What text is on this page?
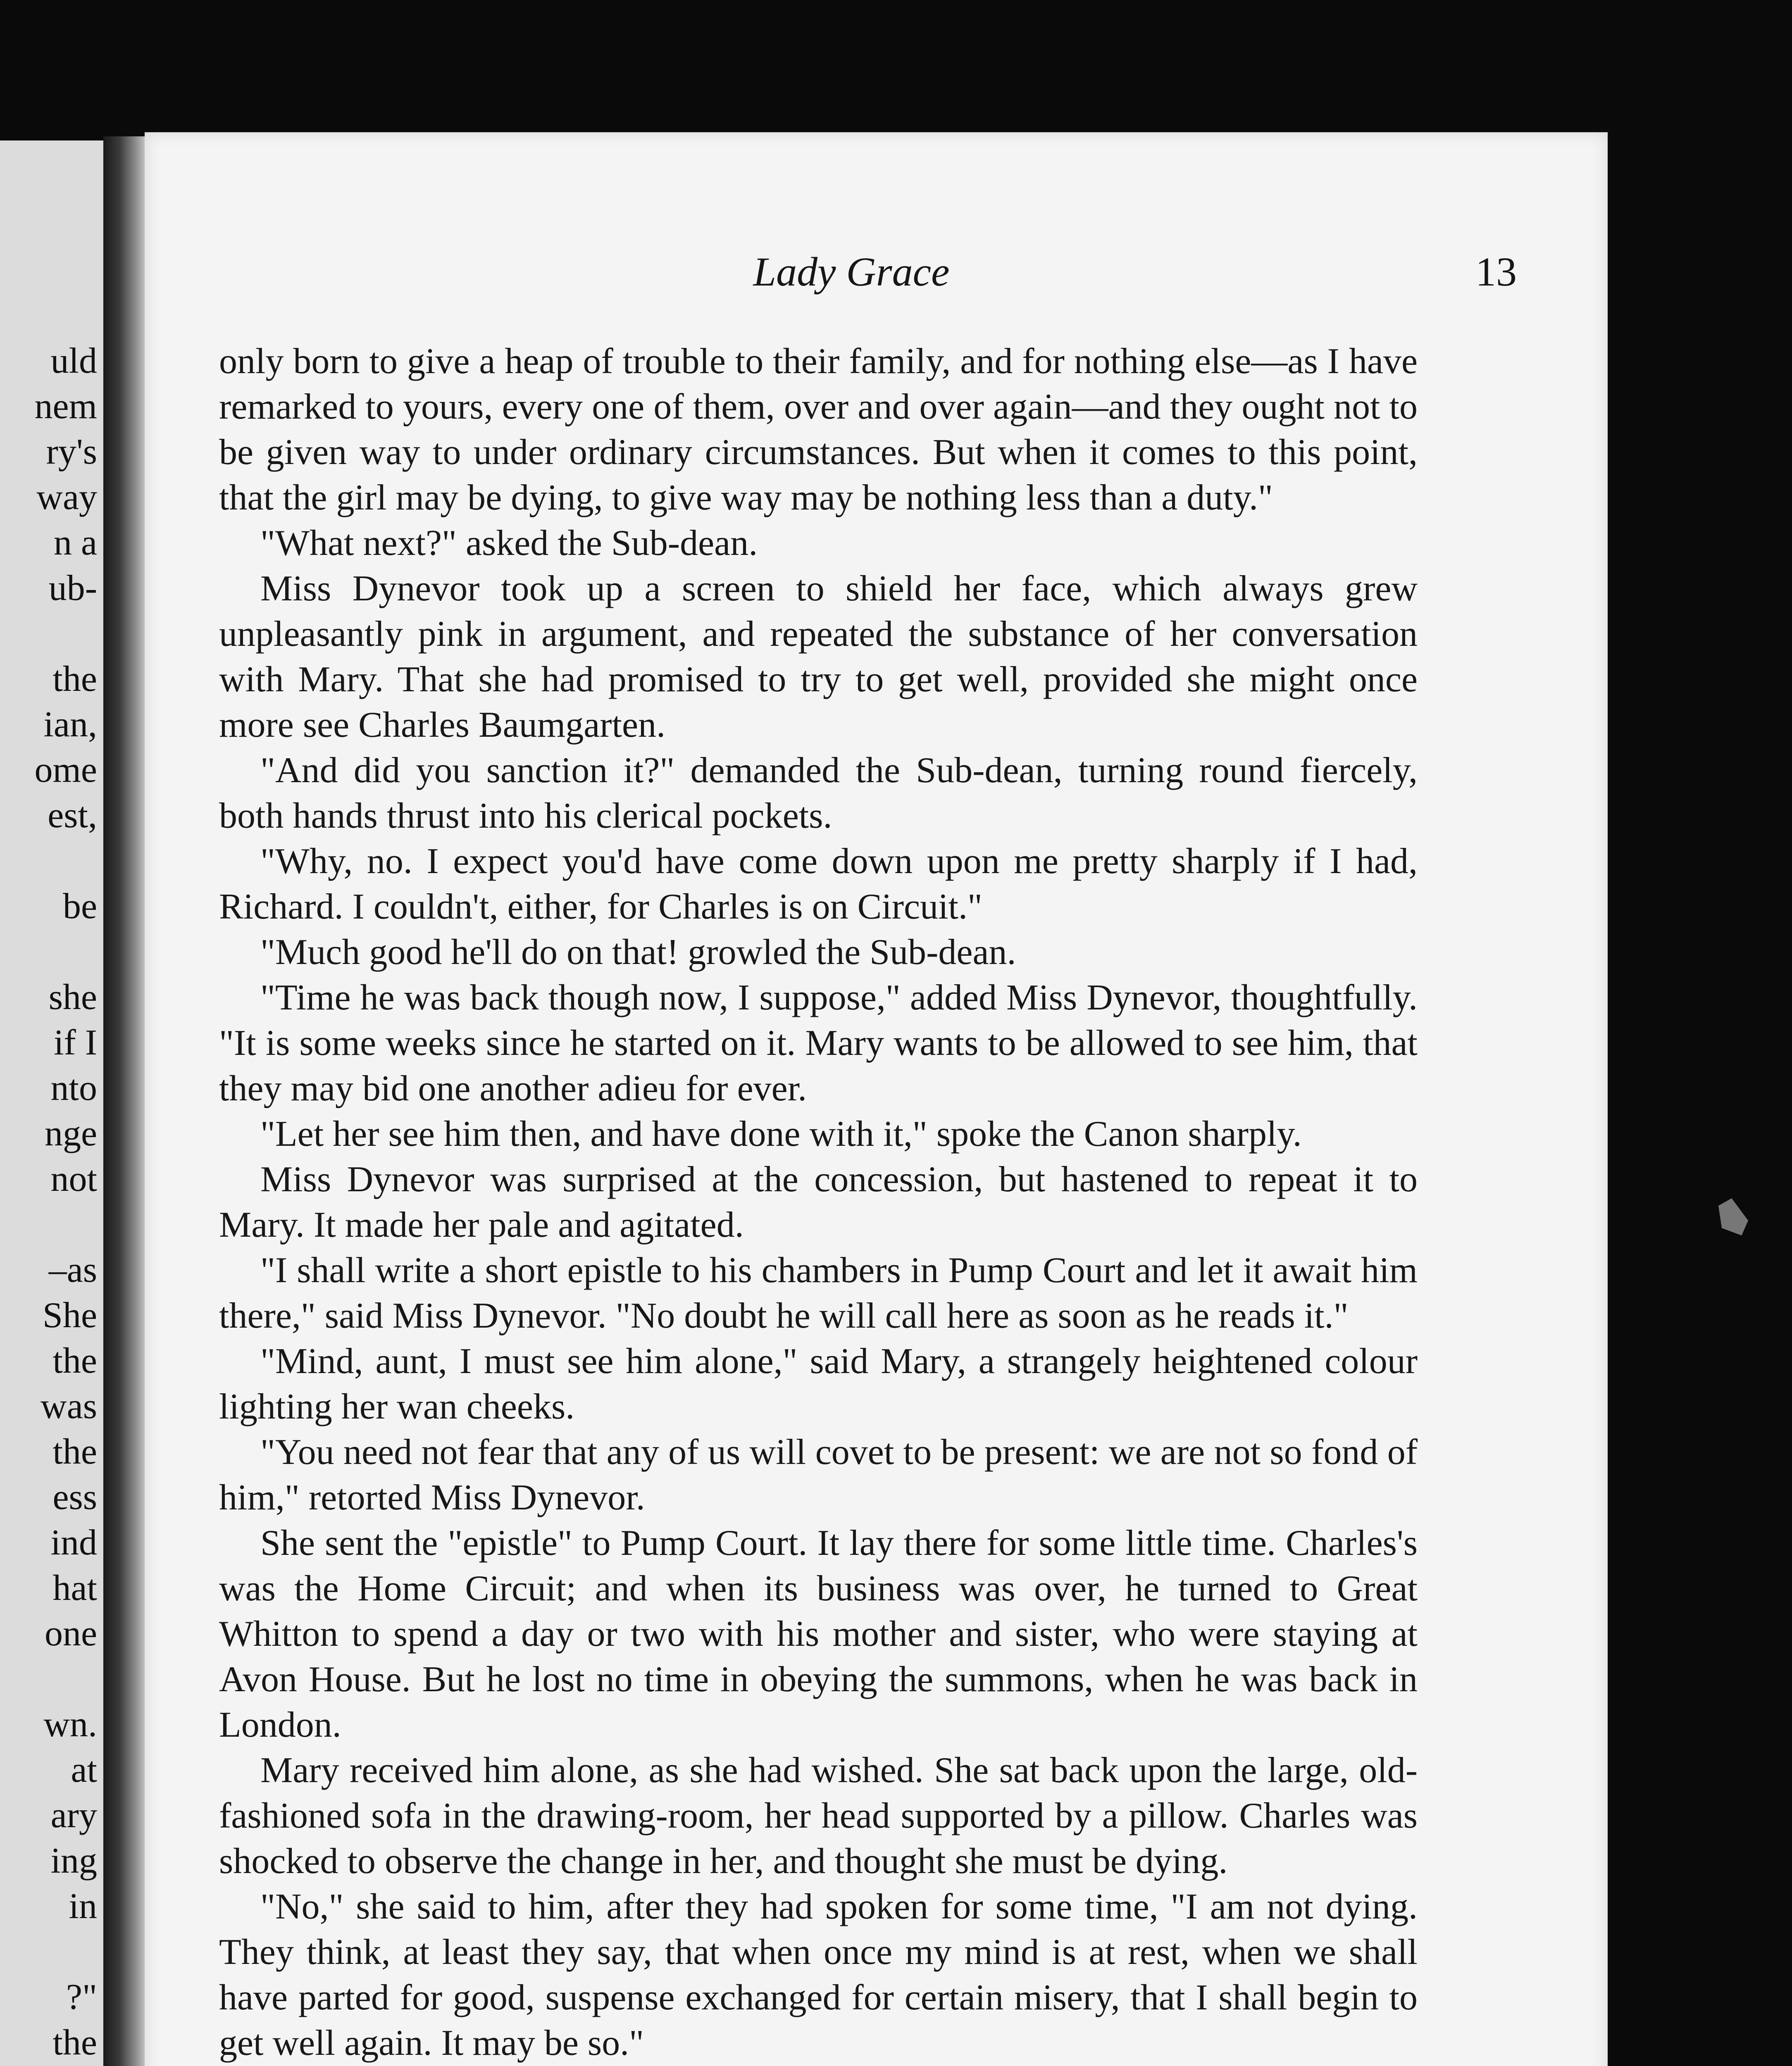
uld
nem
ry's
way
n a
ub-
the
ian,
ome
est,
be
she
if I
nto
nge
not
–as
She
the
was
the
ess
ind
hat
one
wn.
at
ary
ing
in
?"
the
Lady Grace	13

only born to give a heap of trouble to their family, and for nothing else—as I have remarked to yours, every one of them, over and over again—and they ought not to be given way to under ordinary circumstances. But when it comes to this point, that the girl may be dying, to give way may be nothing less than a duty."

"What next?" asked the Sub-dean.

Miss Dynevor took up a screen to shield her face, which always grew unpleasantly pink in argument, and repeated the substance of her conversation with Mary. That she had promised to try to get well, provided she might once more see Charles Baumgarten.

"And did you sanction it?" demanded the Sub-dean, turning round fiercely, both hands thrust into his clerical pockets.

"Why, no. I expect you'd have come down upon me pretty sharply if I had, Richard. I couldn't, either, for Charles is on Circuit."

"Much good he'll do on that! growled the Sub-dean.

"Time he was back though now, I suppose," added Miss Dynevor, thoughtfully. "It is some weeks since he started on it. Mary wants to be allowed to see him, that they may bid one another adieu for ever.

"Let her see him then, and have done with it," spoke the Canon sharply.

Miss Dynevor was surprised at the concession, but hastened to repeat it to Mary. It made her pale and agitated.

"I shall write a short epistle to his chambers in Pump Court and let it await him there," said Miss Dynevor. "No doubt he will call here as soon as he reads it."

"Mind, aunt, I must see him alone," said Mary, a strangely heightened colour lighting her wan cheeks.

"You need not fear that any of us will covet to be present: we are not so fond of him," retorted Miss Dynevor.

She sent the "epistle" to Pump Court. It lay there for some little time. Charles's was the Home Circuit; and when its business was over, he turned to Great Whitton to spend a day or two with his mother and sister, who were staying at Avon House. But he lost no time in obeying the summons, when he was back in London.

Mary received him alone, as she had wished. She sat back upon the large, old-fashioned sofa in the drawing-room, her head supported by a pillow. Charles was shocked to observe the change in her, and thought she must be dying.

"No," she said to him, after they had spoken for some time, "I am not dying. They think, at least they say, that when once my mind is at rest, when we shall have parted for good, suspense exchanged for certain misery, that I shall begin to get well again. It may be so."
